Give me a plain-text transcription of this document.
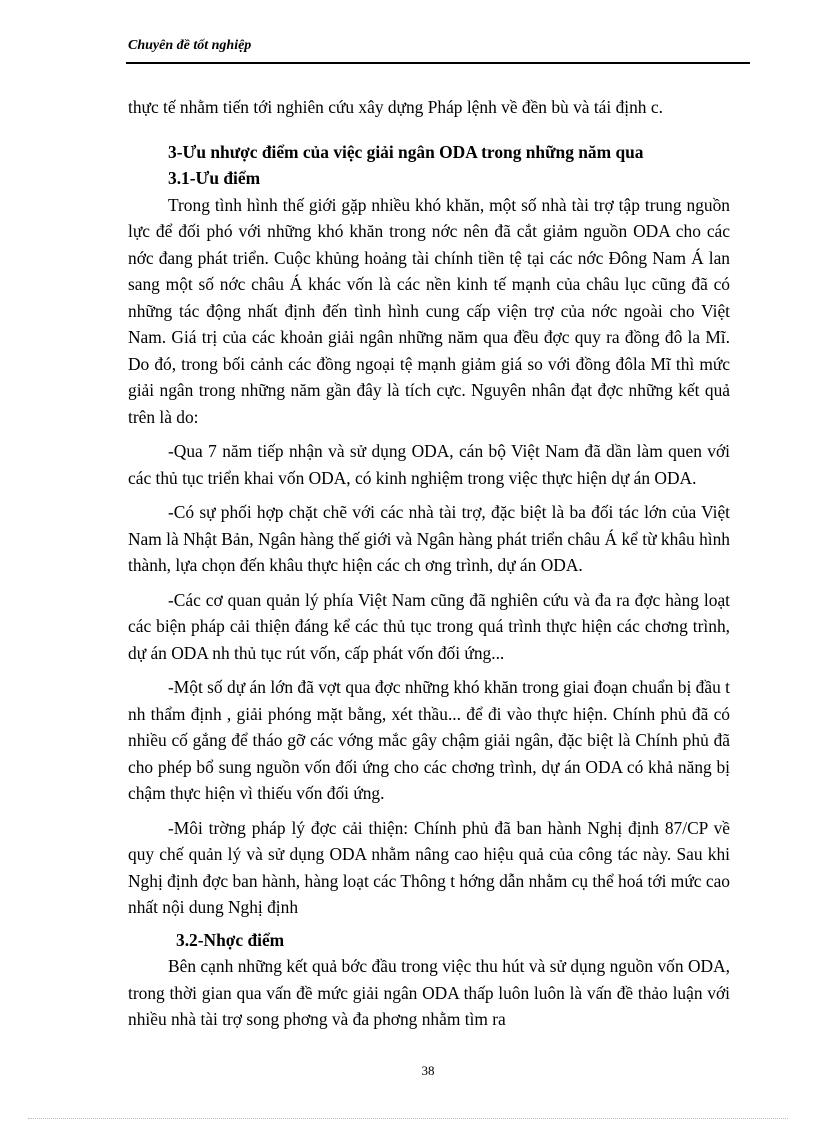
Chuyên đề tốt nghiệp

thực tế nhằm tiến tới nghiên cứu xây dựng Pháp lệnh về đền bù và tái định c.

3-Ưu nhược điểm của việc giải ngân ODA trong những năm qua
3.1-Ưu điểm

Trong tình hình thế giới gặp nhiều khó khăn, một số nhà tài trợ tập trung nguồn lực để đối phó với những khó khăn trong nớc nên đã cắt giảm nguồn ODA cho các nớc đang phát triển. Cuộc khủng hoảng tài chính tiền tệ tại các nớc Đông Nam Á lan sang một số nớc châu Á khác vốn là các nền kinh tế mạnh của châu lục cũng đã có những tác động nhất định đến tình hình cung cấp viện trợ của nớc ngoài cho Việt Nam. Giá trị của các khoản giải ngân những năm qua đều đợc quy ra đồng đô la Mĩ. Do đó, trong bối cảnh các đồng ngoại tệ mạnh giảm giá so với đồng đôla Mĩ thì mức giải ngân trong những năm gần đây là tích cực. Nguyên nhân đạt đợc những kết quả trên là do:

-Qua 7 năm tiếp nhận và sử dụng ODA, cán bộ Việt Nam đã dần làm quen với các thủ tục triển khai vốn ODA, có kinh nghiệm trong việc thực hiện dự án ODA.

-Có sự phối hợp chặt chẽ với các nhà tài trợ, đặc biệt là ba đối tác lớn của Việt Nam là Nhật Bản, Ngân hàng thế giới và Ngân hàng phát triển châu Á kể từ khâu hình thành, lựa chọn đến khâu thực hiện các ch ơng trình, dự án ODA.

-Các cơ quan quản lý phía Việt Nam cũng đã nghiên cứu và đa ra đợc hàng loạt các biện pháp cải thiện đáng kể các thủ tục trong quá trình thực hiện các chơng trình, dự án ODA nh thủ tục rút vốn, cấp phát vốn đối ứng...

-Một số dự án lớn đã vợt qua đợc những khó khăn trong giai đoạn chuẩn bị đầu t nh thẩm định , giải phóng mặt bằng, xét thầu... để đi vào thực hiện. Chính phủ đã có nhiều cố gắng để tháo gỡ các vớng mắc gây chậm giải ngân, đặc biệt là Chính phủ đã cho phép bổ sung nguồn vốn đối ứng cho các chơng trình, dự án ODA có khả năng bị chậm thực hiện vì thiếu vốn đối ứng.

-Môi trờng pháp lý đợc cải thiện: Chính phủ đã ban hành Nghị định 87/CP về quy chế quản lý và sử dụng ODA nhằm nâng cao hiệu quả của công tác này. Sau khi Nghị định đợc ban hành, hàng loạt các Thông t hớng dẫn nhằm cụ thể hoá tới mức cao nhất nội dung Nghị định

3.2-Nhợc điểm

Bên cạnh những kết quả bớc đầu trong việc thu hút và sử dụng nguồn vốn ODA, trong thời gian qua vấn đề mức giải ngân ODA thấp luôn luôn là vấn đề thảo luận với nhiều nhà tài trợ song phơng và đa phơng nhằm tìm ra

38
